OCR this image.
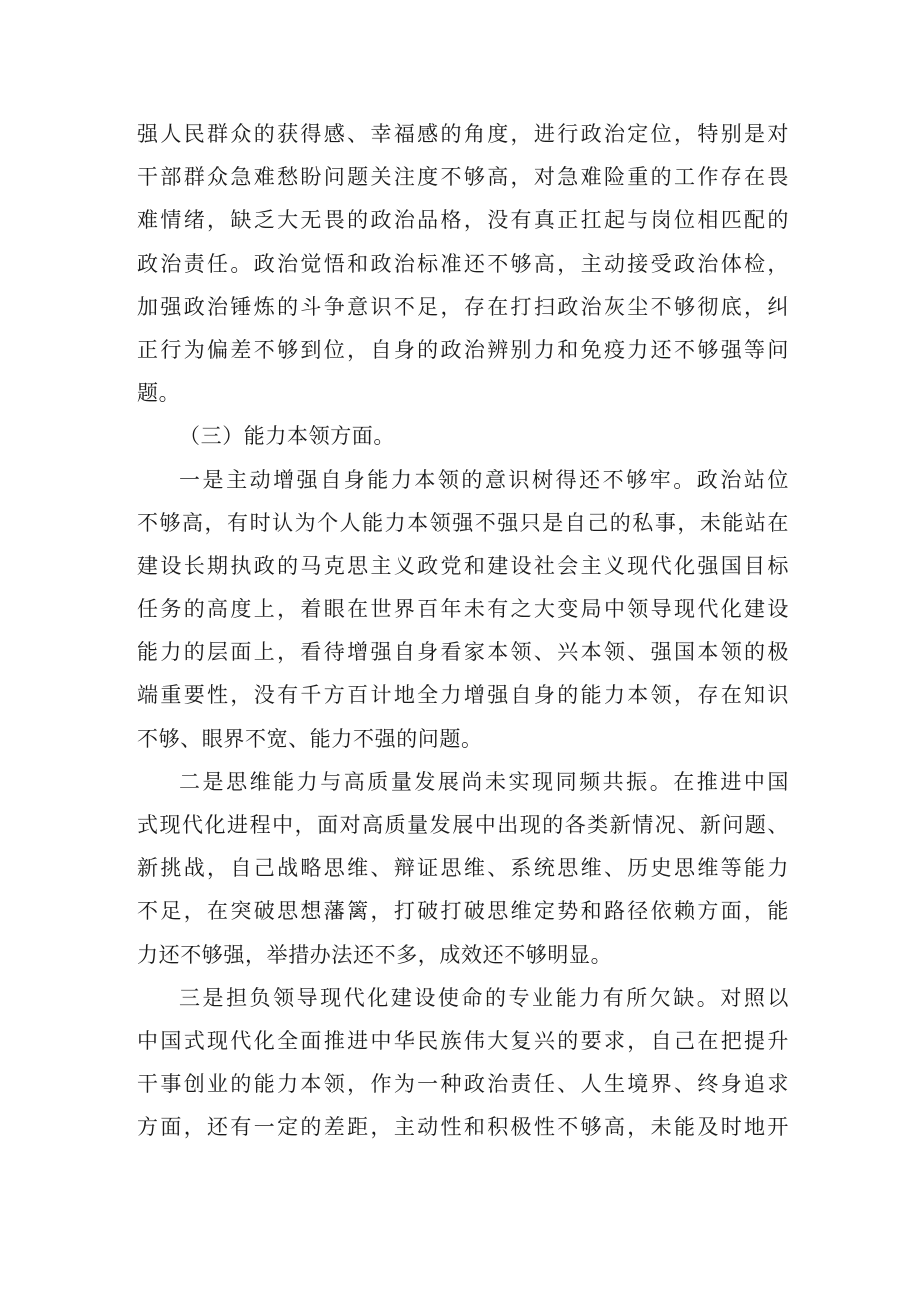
强人民群众的获得感、幸福感的角度，进行政治定位，特别是对
干部群众急难愁盼问题关注度不够高，对急难险重的工作存在畏
难情绪，缺乏大无畏的政治品格，没有真正扛起与岗位相匹配的
政治责任。政治觉悟和政治标准还不够高，主动接受政治体检，
加强政治锤炼的斗争意识不足，存在打扫政治灰尘不够彻底，纠
正行为偏差不够到位，自身的政治辨别力和免疫力还不够强等问
题。
（三）能力本领方面。
一是主动增强自身能力本领的意识树得还不够牢。政治站位
不够高，有时认为个人能力本领强不强只是自己的私事，未能站在
建设长期执政的马克思主义政党和建设社会主义现代化强国目标
任务的高度上，着眼在世界百年未有之大变局中领导现代化建设
能力的层面上，看待增强自身看家本领、兴本领、强国本领的极
端重要性，没有千方百计地全力增强自身的能力本领，存在知识
不够、眼界不宽、能力不强的问题。
二是思维能力与高质量发展尚未实现同频共振。在推进中国
式现代化进程中，面对高质量发展中出现的各类新情况、新问题、
新挑战，自己战略思维、辩证思维、系统思维、历史思维等能力
不足，在突破思想藩篱，打破打破思维定势和路径依赖方面，能
力还不够强，举措办法还不多，成效还不够明显。
三是担负领导现代化建设使命的专业能力有所欠缺。对照以
中国式现代化全面推进中华民族伟大复兴的要求，自己在把提升
干事创业的能力本领，作为一种政治责任、人生境界、终身追求
方面，还有一定的差距，主动性和积极性不够高，未能及时地开
